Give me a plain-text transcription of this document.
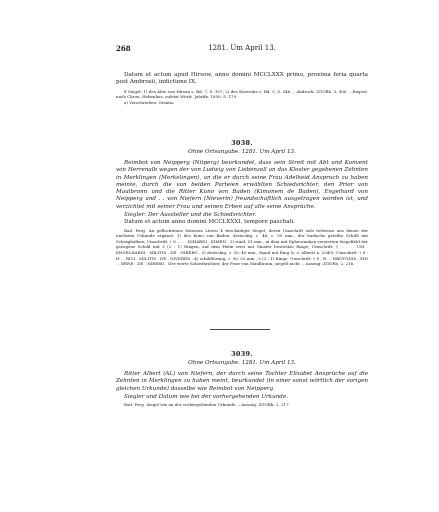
268	1281. Um April 13.

Datum et actum apud Hirsow, anno domini MCCLXXX primo, proxima feria quarta post Ambrosii, indictione IX.

¶ Siegel: 1) des Abts von Hirsau s. Bd. 7, S. 107; 2) des Konvents s. Bd. 5, S. 346. – Abdruck: ZGORh. 3, 406. – Regest: nach Chron. Hebenhus. zuletzt Württ. Jahrbb. 1850, S. 179.

a) Verschrieben: Orsatio.

3038.
Ohne Ortsangabe. 1281. Um April 13.

Reimbot von Neipperg (Nitperg) beurkundet, dass sein Streit mit Abt und Konvent von Herrenalb wegen der von Ludwig von Liebenzell an das Kloster gegebenen Zehnten in Merklingen (Merkelingen), an die er durch seine Frau Adelheid Anspruch zu haben meinte, durch die von beiden Parteien erwählten Schiedsrichter, den Prior von Maulbronn und die Ritter Kuno von Baden (Kimonem de Baden), Engelhard von Neipperg und . . von Niefern (Nieverin) freundschaftlich ausgetragen worden ist, und verzichtet mit seiner Frau und seinen Erben auf alle seine Ansprüche.

Siegler: Der Aussteller und die Schiedsrichter.

Datum et actum anno domini MCCLXXXI, tempore paschali.

Bad. Perg. An geflochtenen leinenen Litzen 4 beschädigte Siegel, deren Umschrift sich teilweise aus denen der nächsten Urkunde ergänzt: 1) des Kuno von Baden, dreieckig, c. 48, c. 55 mm., der badische geteilte Schild mit Schrägbalken; Umschrift: † S . . . . INHARDI . KIMEN . 2) rund, 51 mm., in dem mit Epheuranken verzierten Siegelfeld der gezogene Schild mit 3 (2 : 1) Ringen, auf dem Helm zwei mit Ginster besteckte Ringe; Umschrift: † . . . . UM . ENGELHARDI . MILITIS . DE . NIBERG . 3) dreieckig, c. 30, 40 mm., Hand mit Ring (s. v. Alberti n. 2045); Umschrift: † S . H . . RICI . MILITIS . DE . NIVEREN . 4) schildförmig, c. 50, 53 mm., 3 (2 : 1) Ringe; Umschrift: † S . R . . NBOTONIS . FIN . . ERNE . DE . NIBERG . Der vierte Schiedsrichter, der Prior von Maulbronn, siegelt nicht. – Auszug: ZGORh. 2, 216.

3039.
Ohne Ortsangabe. 1281. Um April 13.

Ritter Albert (AL) von Niefern, der durch seine Tochter Elisabet Ansprüche auf die Zehnten in Merklingen zu haben meint, beurkundet (in einer sonst wörtlich der vorigen gleichen Urkunde) dasselbe wie Reimbot von Neipperg.

Siegler und Datum wie bei der vorhergehenden Urkunde.

Bad. Perg. Siegel wie an der vorhergehenden Urkunde. – Auszug: ZGORh. 2, 217.
